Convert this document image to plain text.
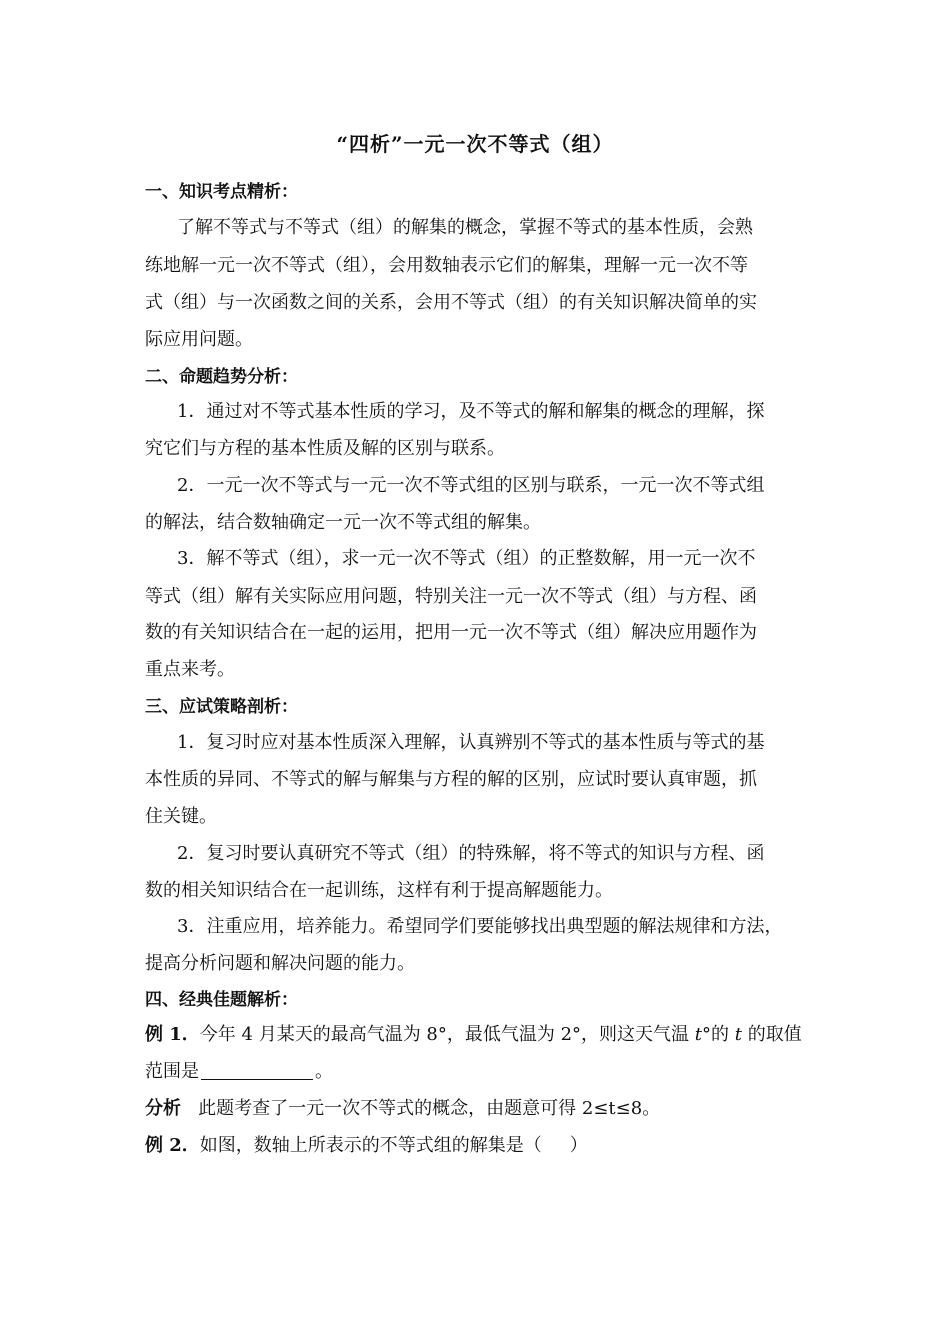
“四析”一元一次不等式（组）
一、知识考点精析：
了解不等式与不等式（组）的解集的概念，掌握不等式的基本性质，会熟
练地解一元一次不等式（组），会用数轴表示它们的解集，理解一元一次不等
式（组）与一次函数之间的关系，会用不等式（组）的有关知识解决简单的实
际应用问题。
二、命题趋势分析：
1．通过对不等式基本性质的学习，及不等式的解和解集的概念的理解，探
究它们与方程的基本性质及解的区别与联系。
2．一元一次不等式与一元一次不等式组的区别与联系，一元一次不等式组
的解法，结合数轴确定一元一次不等式组的解集。
3．解不等式（组），求一元一次不等式（组）的正整数解，用一元一次不
等式（组）解有关实际应用问题，特别关注一元一次不等式（组）与方程、函
数的有关知识结合在一起的运用，把用一元一次不等式（组）解决应用题作为
重点来考。
三、应试策略剖析：
1．复习时应对基本性质深入理解，认真辨别不等式的基本性质与等式的基
本性质的异同、不等式的解与解集与方程的解的区别，应试时要认真审题，抓
住关键。
2．复习时要认真研究不等式（组）的特殊解，将不等式的知识与方程、函
数的相关知识结合在一起训练，这样有利于提高解题能力。
3．注重应用，培养能力。希望同学们要能够找出典型题的解法规律和方法，
提高分析问题和解决问题的能力。
四、经典佳题解析：
例 1．今年 4 月某天的最高气温为 8°，最低气温为 2°，则这天气温 t°的 t 的取值
范围是	。
分析 此题考查了一元一次不等式的概念，由题意可得 2≤t≤8。
例 2．如图，数轴上所表示的不等式组的解集是（ ）
